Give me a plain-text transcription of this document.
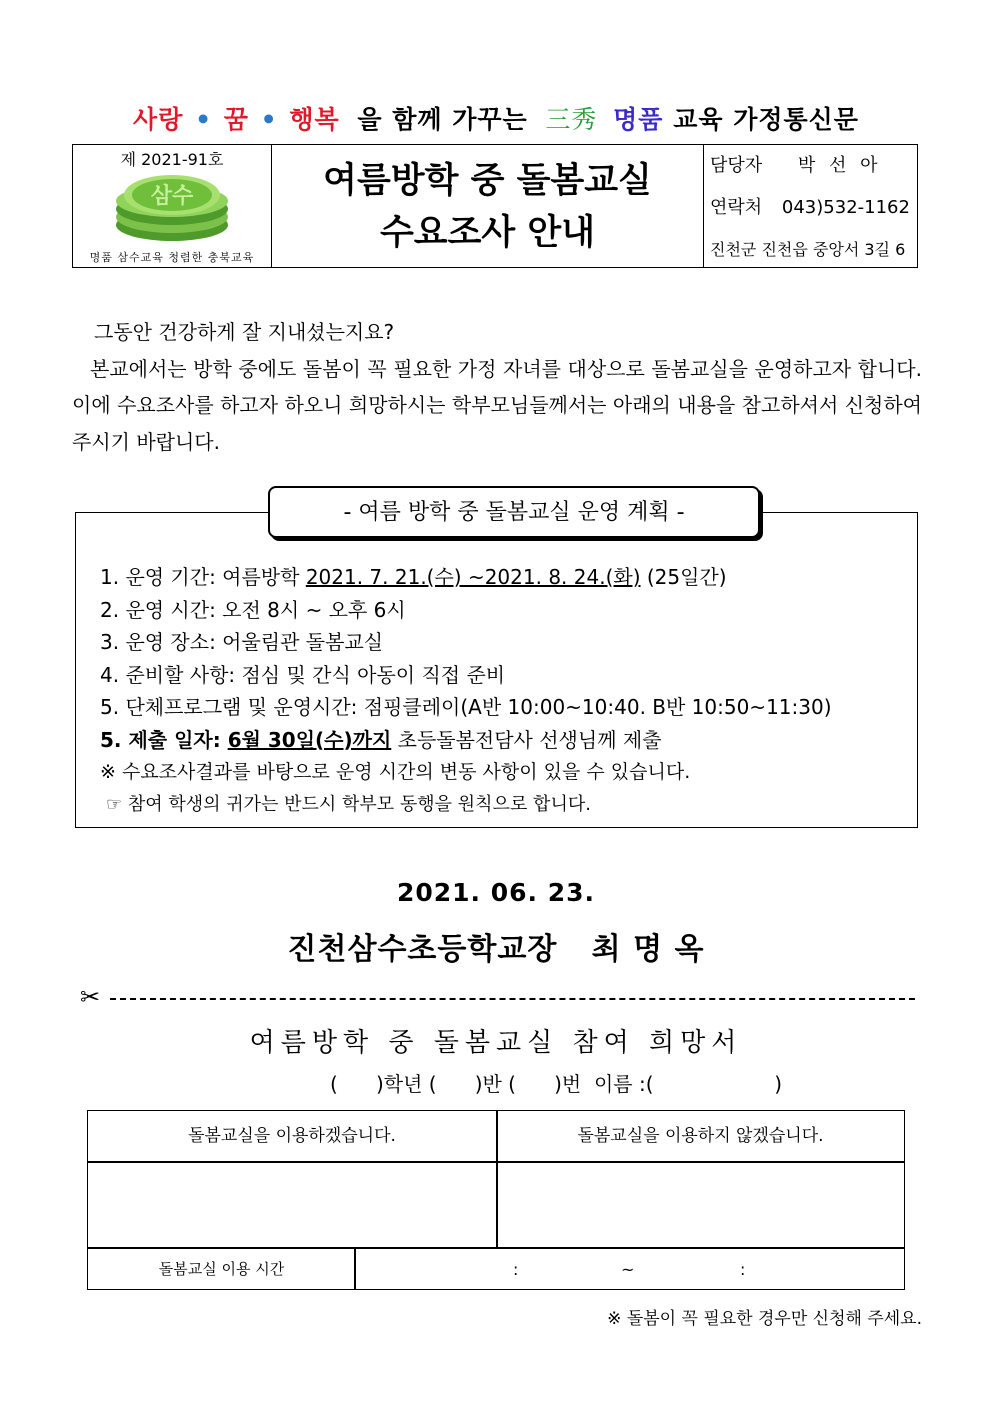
사랑 • 꿈 • 행복 을 함께 가꾸는 三秀 명품 교육 가정통신문
제 2021-91호
삼수
명품 삼수교육 청렴한 충북교육
여름방학 중 돌봄교실
수요조사 안내
담당자 박 선 아
연락처 043)532-1162
진천군 진천읍 중앙서 3길 6

그동안 건강하게 잘 지내셨는지요?

본교에서는 방학 중에도 돌봄이 꼭 필요한 가정 자녀를 대상으로 돌봄교실을 운영하고자 합니다. 이에 수요조사를 하고자 하오니 희망하시는 학부모님들께서는 아래의 내용을 참고하셔서 신청하여 주시기 바랍니다.

1. 운영 기간: 여름방학 2021. 7. 21.(수) ~2021. 8. 24.(화) (25일간)
2. 운영 시간: 오전 8시 ~ 오후 6시
3. 운영 장소: 어울림관 돌봄교실
4. 준비할 사항: 점심 및 간식 아동이 직접 준비
5. 단체프로그램 및 운영시간: 점핑클레이(A반 10:00~10:40. B반 10:50~11:30)
5. 제출 일자: 6월 30일(수)까지 초등돌봄전담사 선생님께 제출
※ 수요조사결과를 바탕으로 운영 시간의 변동 사항이 있을 수 있습니다.
☞ 참여 학생의 귀가는 반드시 학부모 동행을 원칙으로 합니다.
- 여름 방학 중 돌봄교실 운영 계획 -
2021. 06. 23.
진천삼수초등학교장   최 명 옥
✂
여름방학 중 돌봄교실 참여 희망서
(      )학년 (      )반 (      )번  이름 :(                   )
돌봄교실을 이용하겠습니다.	돌봄교실을 이용하지 않겠습니다.
돌봄교실 이용 시간	:	~	:
※ 돌봄이 꼭 필요한 경우만 신청해 주세요.
